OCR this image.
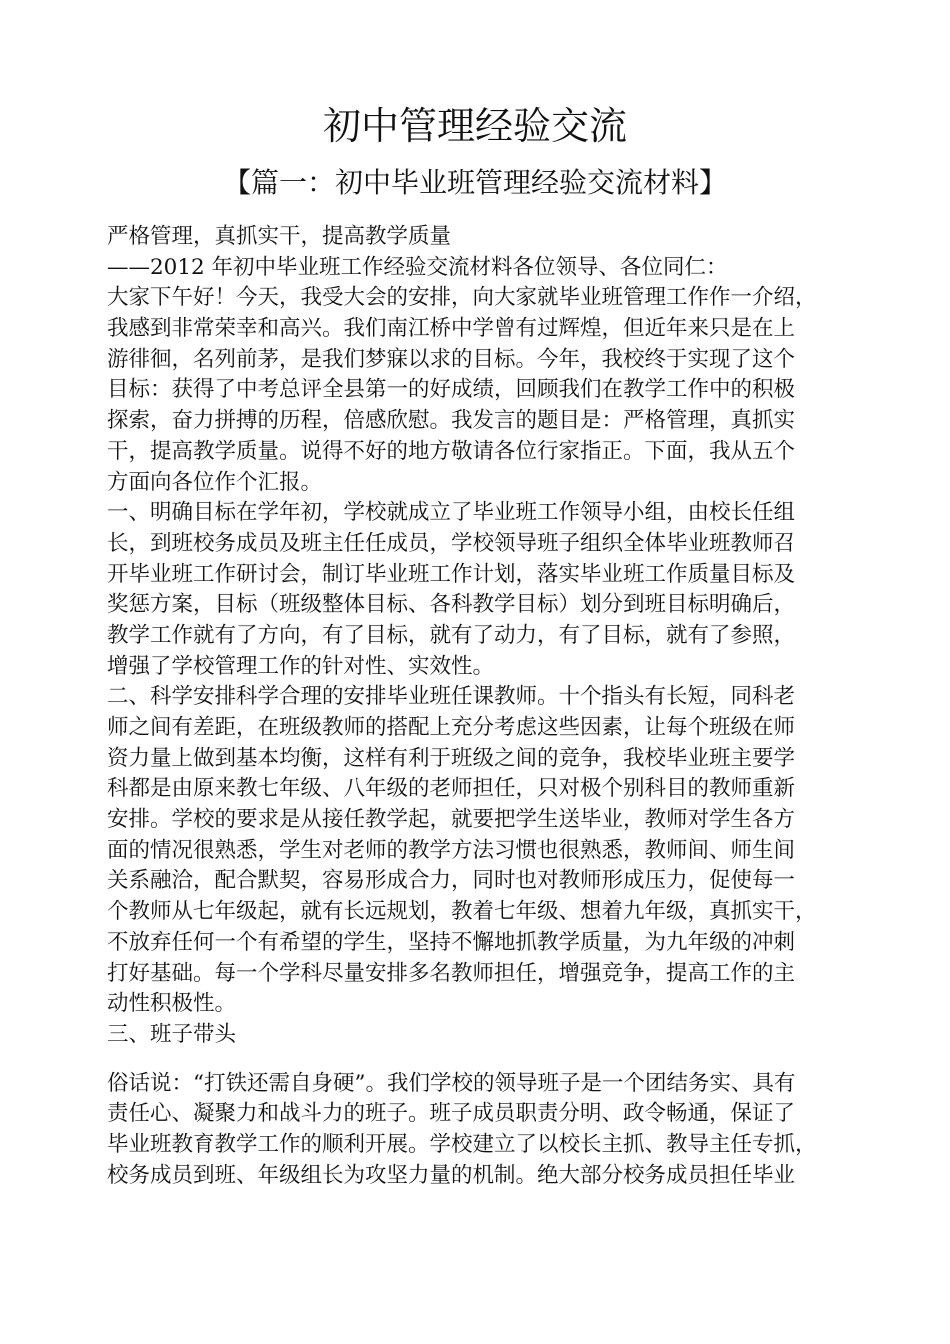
初中管理经验交流
【篇一：初中毕业班管理经验交流材料】
严格管理，真抓实干，提高教学质量
——2012 年初中毕业班工作经验交流材料各位领导、各位同仁：
大家下午好！今天，我受大会的安排，向大家就毕业班管理工作作一介绍，
我感到非常荣幸和高兴。我们南江桥中学曾有过辉煌，但近年来只是在上
游徘徊，名列前茅，是我们梦寐以求的目标。今年，我校终于实现了这个
目标：获得了中考总评全县第一的好成绩，回顾我们在教学工作中的积极
探索，奋力拼搏的历程，倍感欣慰。我发言的题目是：严格管理，真抓实
干，提高教学质量。说得不好的地方敬请各位行家指正。下面，我从五个
方面向各位作个汇报。
一、明确目标在学年初，学校就成立了毕业班工作领导小组，由校长任组
长，到班校务成员及班主任任成员，学校领导班子组织全体毕业班教师召
开毕业班工作研讨会，制订毕业班工作计划，落实毕业班工作质量目标及
奖惩方案，目标（班级整体目标、各科教学目标）划分到班目标明确后，
教学工作就有了方向，有了目标，就有了动力，有了目标，就有了参照，
增强了学校管理工作的针对性、实效性。
二、科学安排科学合理的安排毕业班任课教师。十个指头有长短，同科老
师之间有差距，在班级教师的搭配上充分考虑这些因素，让每个班级在师
资力量上做到基本均衡，这样有利于班级之间的竞争，我校毕业班主要学
科都是由原来教七年级、八年级的老师担任，只对极个别科目的教师重新
安排。学校的要求是从接任教学起，就要把学生送毕业，教师对学生各方
面的情况很熟悉，学生对老师的教学方法习惯也很熟悉，教师间、师生间
关系融洽，配合默契，容易形成合力，同时也对教师形成压力，促使每一
个教师从七年级起，就有长远规划，教着七年级、想着九年级，真抓实干，
不放弃任何一个有希望的学生，坚持不懈地抓教学质量，为九年级的冲刺
打好基础。每一个学科尽量安排多名教师担任，增强竞争，提高工作的主
动性积极性。
三、班子带头
俗话说：“打铁还需自身硬”。我们学校的领导班子是一个团结务实、具有
责任心、凝聚力和战斗力的班子。班子成员职责分明、政令畅通，保证了
毕业班教育教学工作的顺利开展。学校建立了以校长主抓、教导主任专抓，
校务成员到班、年级组长为攻坚力量的机制。绝大部分校务成员担任毕业
